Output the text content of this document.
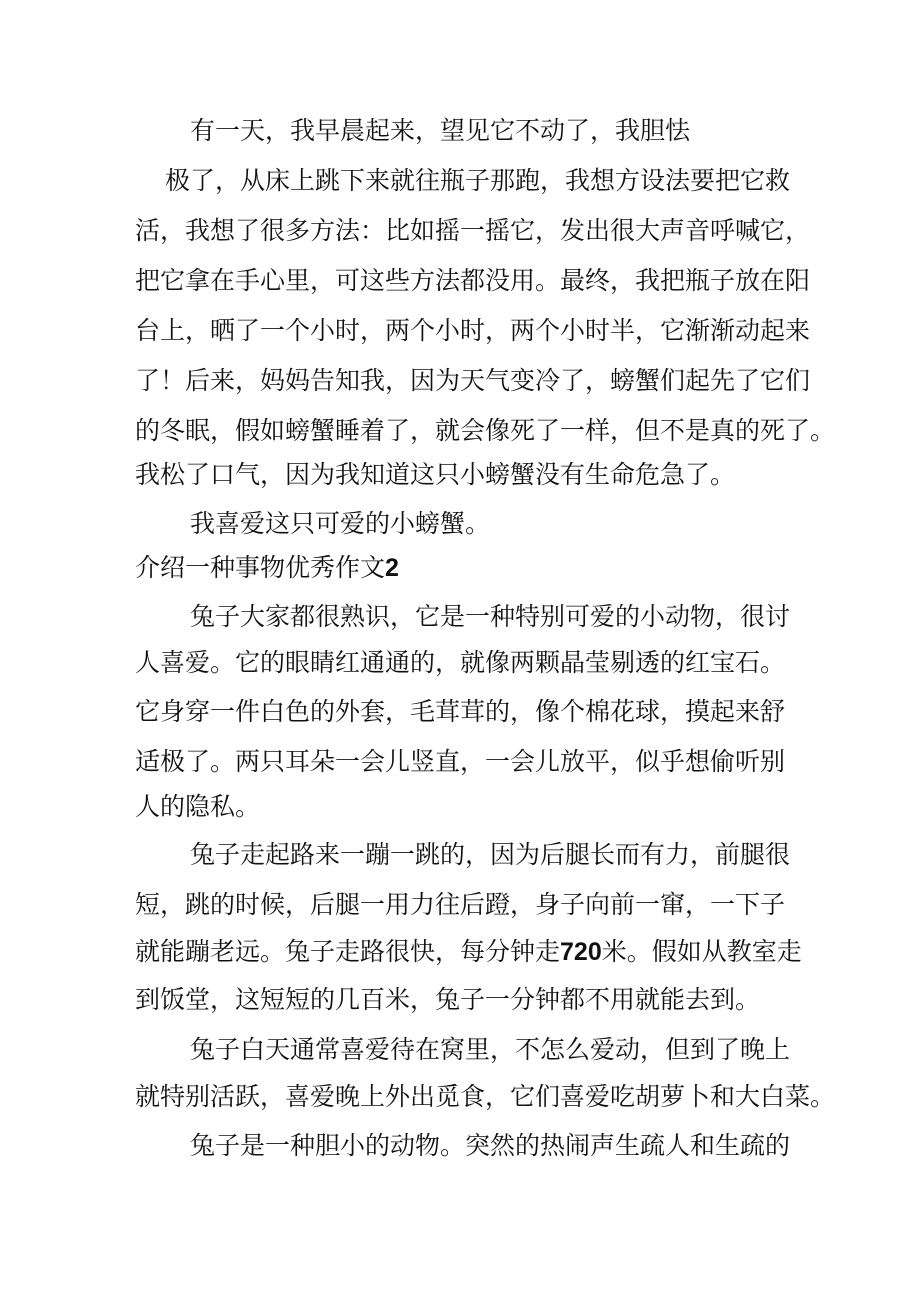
有一天，我早晨起来，望见它不动了，我胆怯
极了，从床上跳下来就往瓶子那跑，我想方设法要把它救
活，我想了很多方法：比如摇一摇它，发出很大声音呼喊它，
把它拿在手心里，可这些方法都没用。最终，我把瓶子放在阳
台上，晒了一个小时，两个小时，两个小时半，它渐渐动起来
了！后来，妈妈告知我，因为天气变冷了，螃蟹们起先了它们
的冬眠，假如螃蟹睡着了，就会像死了一样，但不是真的死了。
我松了口气，因为我知道这只小螃蟹没有生命危急了。
我喜爱这只可爱的小螃蟹。
介绍一种事物优秀作文2
兔子大家都很熟识，它是一种特别可爱的小动物，很讨
人喜爱。它的眼睛红通通的，就像两颗晶莹剔透的红宝石。
它身穿一件白色的外套，毛茸茸的，像个棉花球，摸起来舒
适极了。两只耳朵一会儿竖直，一会儿放平，似乎想偷听别
人的隐私。
兔子走起路来一蹦一跳的，因为后腿长而有力，前腿很
短，跳的时候，后腿一用力往后蹬，身子向前一窜，一下子
就能蹦老远。兔子走路很快，每分钟走720米。假如从教室走
到饭堂，这短短的几百米，兔子一分钟都不用就能去到。
兔子白天通常喜爱待在窝里，不怎么爱动，但到了晚上
就特别活跃，喜爱晚上外出觅食，它们喜爱吃胡萝卜和大白菜。
兔子是一种胆小的动物。突然的热闹声生疏人和生疏的
